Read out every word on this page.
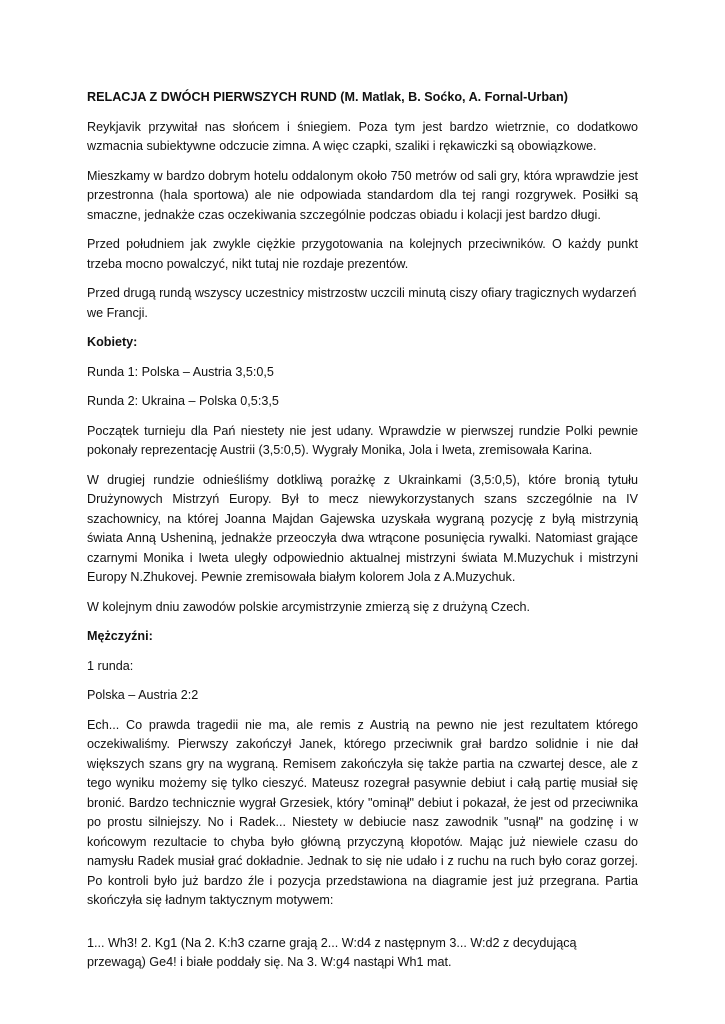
RELACJA Z DWÓCH PIERWSZYCH RUND (M. Matlak, B. Soćko, A. Fornal-Urban)

Reykjavik przywitał nas słońcem i śniegiem. Poza tym jest bardzo wietrznie, co dodatkowo wzmacnia subiektywne odczucie zimna. A więc czapki, szaliki i rękawiczki są obowiązkowe.

Mieszkamy w bardzo dobrym hotelu oddalonym około 750 metrów od sali gry, która wprawdzie jest przestronna (hala sportowa) ale nie odpowiada standardom dla tej rangi rozgrywek. Posiłki są smaczne, jednakże czas oczekiwania szczególnie podczas obiadu i kolacji jest bardzo długi.

Przed południem jak zwykle ciężkie przygotowania na kolejnych przeciwników. O każdy punkt trzeba mocno powalczyć, nikt tutaj nie rozdaje prezentów.

Przed drugą rundą wszyscy uczestnicy mistrzostw uczcili minutą ciszy ofiary tragicznych wydarzeń we Francji.

Kobiety:

Runda 1: Polska – Austria 3,5:0,5

Runda 2: Ukraina – Polska 0,5:3,5

Początek turnieju dla Pań niestety nie jest udany. Wprawdzie w pierwszej rundzie Polki pewnie pokonały reprezentację Austrii (3,5:0,5). Wygrały Monika, Jola i Iweta, zremisowała Karina.

W drugiej rundzie odnieśliśmy dotkliwą porażkę z Ukrainkami (3,5:0,5), które bronią tytułu Drużynowych Mistrzyń Europy. Był to mecz niewykorzystanych szans szczególnie na IV szachownicy, na której Joanna Majdan Gajewska uzyskała wygraną pozycję z byłą mistrzynią świata Anną Usheniną, jednakże przeoczyła dwa wtrącone posunięcia rywalki. Natomiast grające czarnymi Monika i Iweta uległy odpowiednio aktualnej mistrzyni świata M.Muzychuk i mistrzyni Europy N.Zhukovej. Pewnie zremisowała białym kolorem Jola z A.Muzychuk.

W kolejnym dniu zawodów polskie arcymistrzynie zmierzą się z drużyną Czech.

Mężczyźni:

1 runda:

Polska – Austria 2:2

Ech... Co prawda tragedii nie ma, ale remis z Austrią na pewno nie jest rezultatem którego oczekiwaliśmy. Pierwszy zakończył Janek, którego przeciwnik grał bardzo solidnie i nie dał większych szans gry na wygraną. Remisem zakończyła się także partia na czwartej desce, ale z tego wyniku możemy się tylko cieszyć. Mateusz rozegrał pasywnie debiut i całą partię musiał się bronić. Bardzo technicznie wygrał Grzesiek, który "ominął" debiut i pokazał, że jest od przeciwnika po prostu silniejszy. No i Radek... Niestety w debiucie nasz zawodnik "usnął" na godzinę i w końcowym rezultacie to chyba było główną przyczyną kłopotów. Mając już niewiele czasu do namysłu Radek musiał grać dokładnie. Jednak to się nie udało i z ruchu na ruch było coraz gorzej. Po kontroli było już bardzo źle i pozycja przedstawiona na diagramie jest już przegrana. Partia skończyła się ładnym taktycznym motywem:

1... Wh3! 2. Kg1 (Na 2. K:h3 czarne grają 2... W:d4 z następnym 3... W:d2 z decydującą przewagą) Ge4! i białe poddały się. Na 3. W:g4 nastąpi Wh1 mat.
